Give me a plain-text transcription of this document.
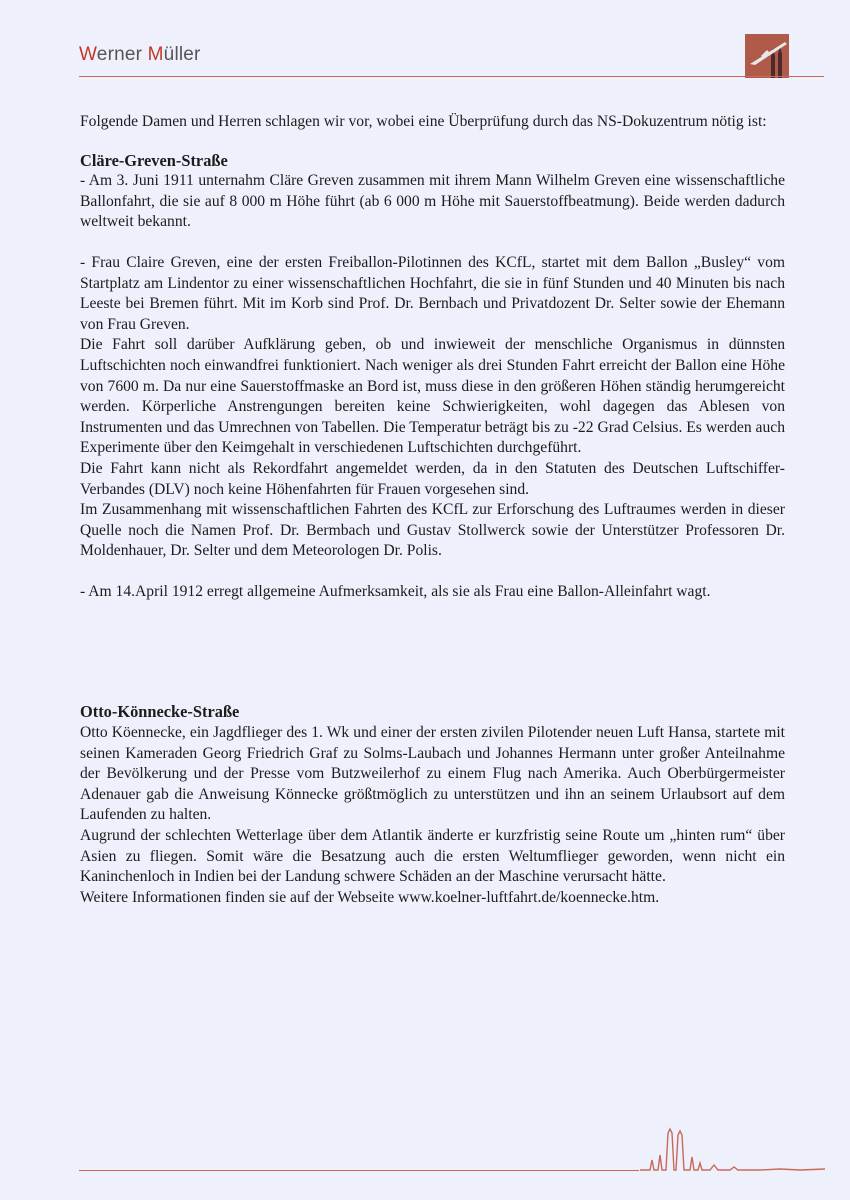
Werner Müller

Folgende Damen und Herren schlagen wir vor, wobei eine Überprüfung durch das NS-Dokuzentrum nötig ist:

Cläre-Greven-Straße

- Am 3. Juni 1911 unternahm Cläre Greven zusammen mit ihrem Mann Wilhelm Greven eine wissenschaftliche Ballonfahrt, die sie auf 8 000 m Höhe führt (ab 6 000 m Höhe mit Sauerstoffbeatmung). Beide werden dadurch weltweit bekannt.

- Frau Claire Greven, eine der ersten Freiballon-Pilotinnen des KCfL, startet mit dem Ballon „Busley“ vom Startplatz am Lindentor zu einer wissenschaftlichen Hochfahrt, die sie in fünf Stunden und 40 Minuten bis nach Leeste bei Bremen führt. Mit im Korb sind Prof. Dr. Bernbach und Privatdozent Dr. Selter sowie der Ehemann von Frau Greven.

Die Fahrt soll darüber Aufklärung geben, ob und inwieweit der menschliche Organismus in dünnsten Luftschichten noch einwandfrei funktioniert. Nach weniger als drei Stunden Fahrt erreicht der Ballon eine Höhe von 7600 m. Da nur eine Sauerstoffmaske an Bord ist, muss diese in den größeren Höhen ständig herumgereicht werden. Körperliche Anstrengungen bereiten keine Schwierigkeiten, wohl dagegen das Ablesen von Instrumenten und das Umrechnen von Tabellen. Die Temperatur beträgt bis zu -22 Grad Celsius. Es werden auch Experimente über den Keimgehalt in verschiedenen Luftschichten durchgeführt.

Die Fahrt kann nicht als Rekordfahrt angemeldet werden, da in den Statuten des Deutschen Luftschiffer-Verbandes (DLV) noch keine Höhenfahrten für Frauen vorgesehen sind.

Im Zusammenhang mit wissenschaftlichen Fahrten des KCfL zur Erforschung des Luftraumes werden in dieser Quelle noch die Namen Prof. Dr. Bermbach und Gustav Stollwerck sowie der Unterstützer Professoren Dr. Moldenhauer, Dr. Selter und dem Meteorologen Dr. Polis.

- Am 14.April 1912 erregt allgemeine Aufmerksamkeit, als sie als Frau eine Ballon-Alleinfahrt wagt.

Otto-Könnecke-Straße

Otto Köennecke, ein Jagdflieger des 1. Wk und einer der ersten zivilen Pilotender neuen Luft Hansa, startete mit seinen Kameraden Georg Friedrich Graf zu Solms-Laubach und Johannes Hermann unter großer Anteilnahme der Bevölkerung und der Presse vom Butzweilerhof zu einem Flug nach Amerika. Auch Oberbürgermeister Adenauer gab die Anweisung Könnecke größtmöglich zu unterstützen und ihn an seinem Urlaubsort auf dem Laufenden zu halten.

Augrund der schlechten Wetterlage über dem Atlantik änderte er kurzfristig seine Route um „hinten rum“ über Asien zu fliegen. Somit wäre die Besatzung auch die ersten Weltumflieger geworden, wenn nicht ein Kaninchenloch in Indien bei der Landung schwere Schäden an der Maschine verursacht hätte.

Weitere Informationen finden sie auf der Webseite www.koelner-luftfahrt.de/koennecke.htm.
